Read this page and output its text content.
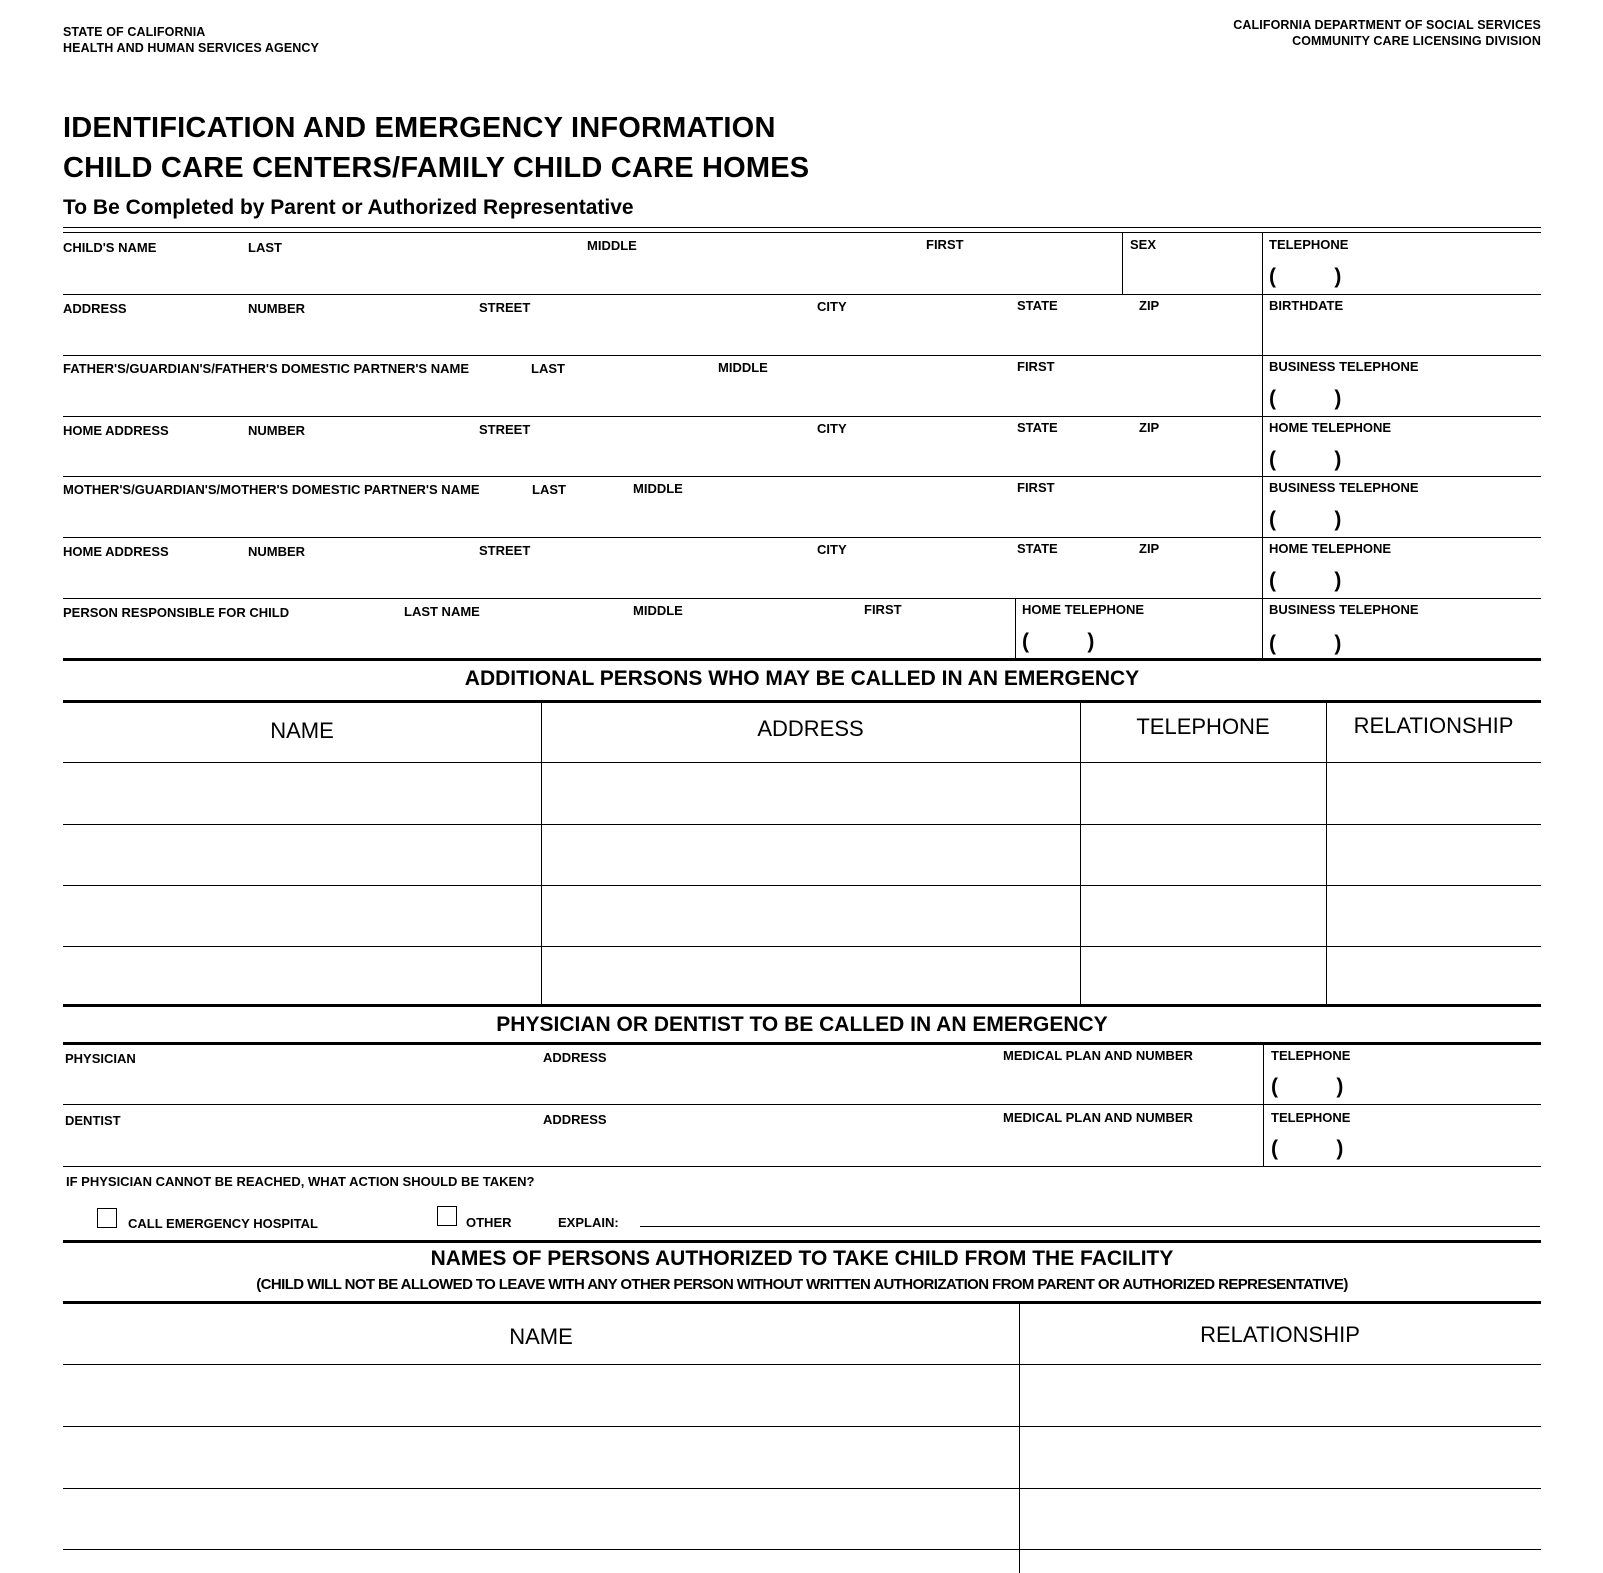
STATE OF CALIFORNIA
HEALTH AND HUMAN SERVICES AGENCY
CALIFORNIA DEPARTMENT OF SOCIAL SERVICES
COMMUNITY CARE LICENSING DIVISION
IDENTIFICATION AND EMERGENCY INFORMATION
CHILD CARE CENTERS/FAMILY CHILD CARE HOMES
To Be Completed by Parent or Authorized Representative
CHILD'S NAME	LAST	MIDDLE	FIRST	SEX	TELEPHONE
(          )
ADDRESS	NUMBER	STREET	CITY	STATE	ZIP	BIRTHDATE
FATHER'S/GUARDIAN'S/FATHER'S DOMESTIC PARTNER'S NAME	LAST	MIDDLE	FIRST	BUSINESS TELEPHONE
(          )
HOME ADDRESS	NUMBER	STREET	CITY	STATE	ZIP	HOME TELEPHONE
(          )
MOTHER'S/GUARDIAN'S/MOTHER'S DOMESTIC PARTNER'S NAME	LAST	MIDDLE	FIRST	BUSINESS TELEPHONE
(          )
HOME ADDRESS	NUMBER	STREET	CITY	STATE	ZIP	HOME TELEPHONE
(          )
PERSON RESPONSIBLE FOR CHILD	LAST NAME	MIDDLE	FIRST	HOME TELEPHONE	BUSINESS TELEPHONE
(          )	(          )
ADDITIONAL PERSONS WHO MAY BE CALLED IN AN EMERGENCY
NAME	ADDRESS	TELEPHONE	RELATIONSHIP
PHYSICIAN OR DENTIST TO BE CALLED IN AN EMERGENCY
PHYSICIAN	ADDRESS	MEDICAL PLAN AND NUMBER	TELEPHONE
(          )
DENTIST	ADDRESS	MEDICAL PLAN AND NUMBER	TELEPHONE
(          )
IF PHYSICIAN CANNOT BE REACHED, WHAT ACTION SHOULD BE TAKEN?
CALL EMERGENCY HOSPITAL	OTHER	EXPLAIN:
NAMES OF PERSONS AUTHORIZED TO TAKE CHILD FROM THE FACILITY
(CHILD WILL NOT BE ALLOWED TO LEAVE WITH ANY OTHER PERSON WITHOUT WRITTEN AUTHORIZATION FROM PARENT OR AUTHORIZED REPRESENTATIVE)
NAME	RELATIONSHIP
